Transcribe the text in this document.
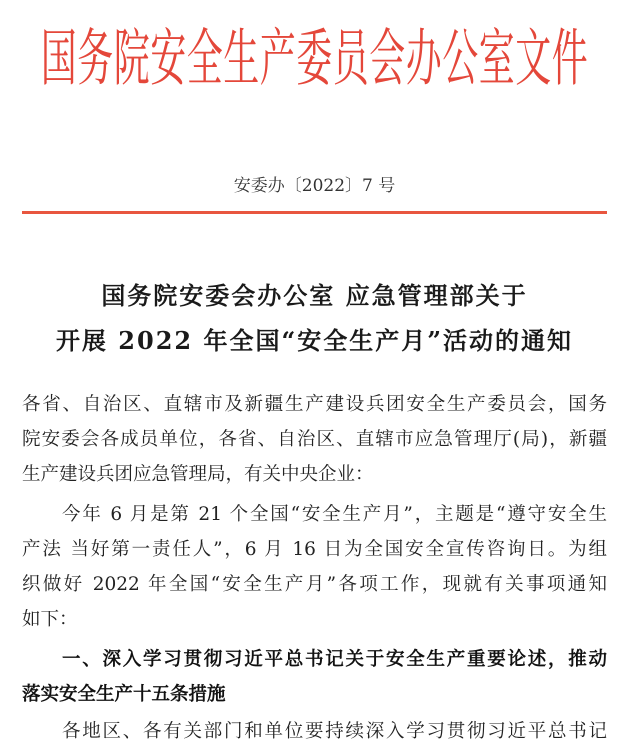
国务院安全生产委员会办公室文件
安委办〔2022〕7 号
国务院安委会办公室 应急管理部关于
开展 2022 年全国“安全生产月”活动的通知
各省、自治区、直辖市及新疆生产建设兵团安全生产委员会，国务
院安委会各成员单位，各省、自治区、直辖市应急管理厅(局)，新疆
生产建设兵团应急管理局，有关中央企业：
今年 6 月是第 21 个全国“安全生产月”，主题是“遵守安全生
产法 当好第一责任人”，6 月 16 日为全国安全宣传咨询日。为组
织做好 2022 年全国“安全生产月”各项工作，现就有关事项通知
如下：
一、深入学习贯彻习近平总书记关于安全生产重要论述，推动
落实安全生产十五条措施
各地区、各有关部门和单位要持续深入学习贯彻习近平总书记
